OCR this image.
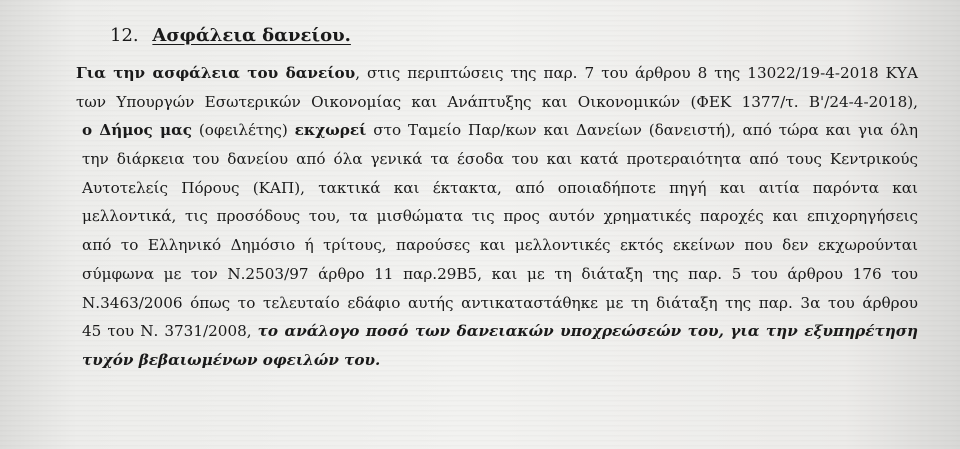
12. Ασφάλεια δανείου.
Για την ασφάλεια του δανείου, στις περιπτώσεις της παρ. 7 του άρθρου 8 της 13022/19-4-2018 ΚΥΑ
των Υπουργών Εσωτερικών Οικονομίας και Ανάπτυξης και Οικονομικών (ΦΕΚ 1377/τ. Β'/24-4-2018),
ο Δήμος μας (οφειλέτης) εκχωρεί στο Ταμείο Παρ/κων και Δανείων (δανειστή), από τώρα και για όλη
την διάρκεια του δανείου από όλα γενικά τα έσοδα του και κατά προτεραιότητα από τους Κεντρικούς
Αυτοτελείς Πόρους (ΚΑΠ), τακτικά και έκτακτα, από οποιαδήποτε πηγή και αιτία παρόντα και
μελλοντικά, τις προσόδους του, τα μισθώματα τις προς αυτόν χρηματικές παροχές και επιχορηγήσεις
από το Ελληνικό Δημόσιο ή τρίτους, παρούσες και μελλοντικές εκτός εκείνων που δεν εκχωρούνται
σύμφωνα με τον Ν.2503/97 άρθρο 11 παρ.29Β5, και με τη διάταξη της παρ. 5 του άρθρου 176 του
Ν.3463/2006 όπως το τελευταίο εδάφιο αυτής αντικαταστάθηκε με τη διάταξη της παρ. 3α του άρθρου
45 του Ν. 3731/2008, το ανάλογο ποσό των δανειακών υποχρεώσεών του, για την εξυπηρέτηση
τυχόν βεβαιωμένων οφειλών του.
